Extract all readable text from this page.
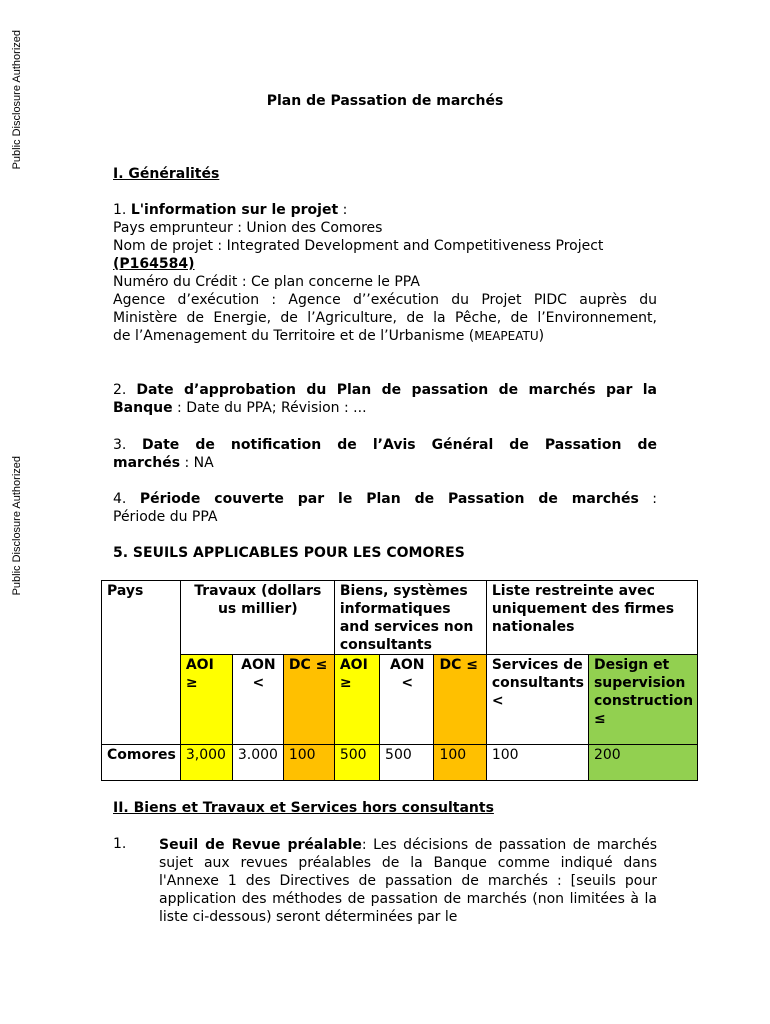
Public Disclosure Authorized
Public Disclosure Authorized
Plan de Passation de marchés

I. Généralités

1. L'information sur le projet :

Pays emprunteur : Union des Comores

Nom de projet : Integrated Development and Competitiveness Project

(P164584)

Numéro du Crédit : Ce plan concerne le PPA

Agence d’exécution : Agence d’’exécution du Projet PIDC auprès du

Ministère de Energie, de l’Agriculture, de la Pêche, de l’Environnement,

de l’Amenagement du Territoire et de l’Urbanisme (MEAPEATU)

2. Date d’approbation du Plan de passation de marchés par la

Banque : Date du PPA; Révision : ...

3. Date de notification de l’Avis Général de Passation de

marchés : NA

4. Période couverte par le Plan de Passation de marchés :

Période du PPA

5. SEUILS APPLICABLES POUR LES COMORES

Pays	Travaux (dollars us millier)			Biens, systèmes informatiques and services non consultants			Liste restreinte avec uniquement des firmes nationales	
	AOI ≥	AON <	DC ≤	AOI ≥	AON <	DC ≤	Services de consultants <	Design et supervision construction ≤
Comores	3,000	3.000	100	500	500	100	100	200

II. Biens et Travaux et Services hors consultants

1. Seuil de Revue préalable: Les décisions de passation de marchés sujet aux revues préalables de la Banque comme indiqué dans l'Annexe 1 des Directives de passation de marchés : [seuils pour application des méthodes de passation de marchés (non limitées à la liste ci-dessous) seront déterminées par le
